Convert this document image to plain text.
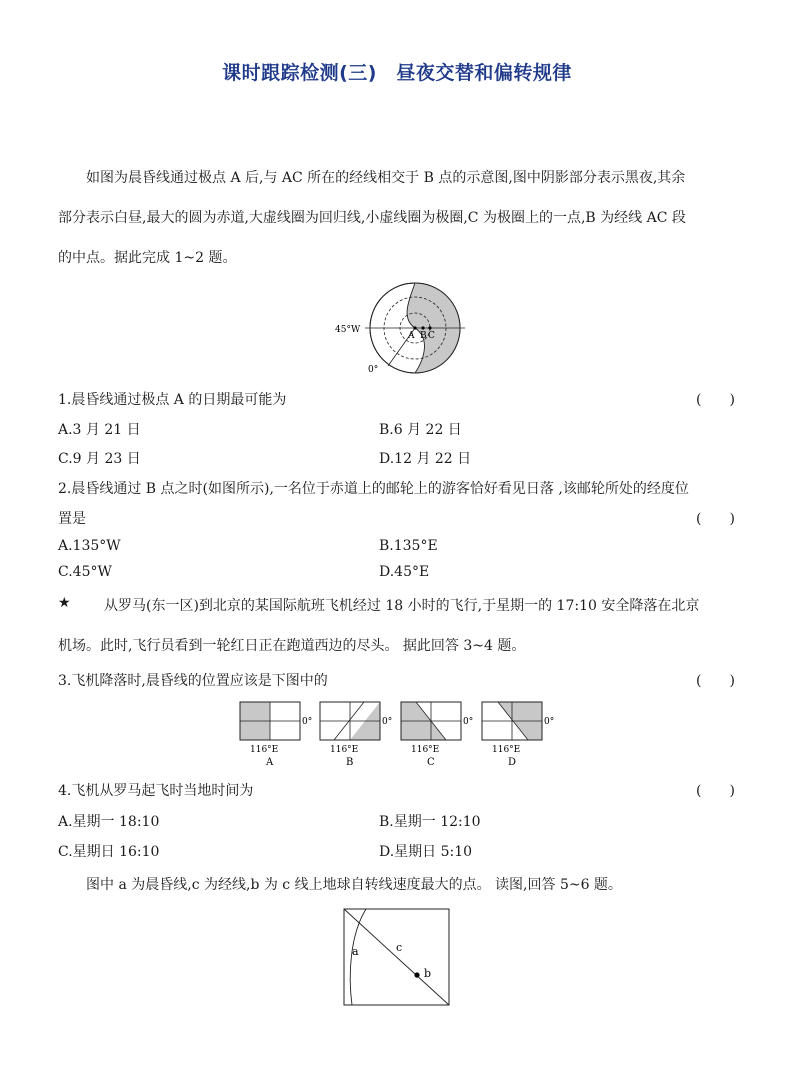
课时跟踪检测(三)　昼夜交替和偏转规律
如图为晨昏线通过极点 A 后,与 AC 所在的经线相交于 B 点的示意图,图中阴影部分表示黑夜,其余
部分表示白昼,最大的圆为赤道,大虚线圈为回归线,小虚线圈为极圈,C 为极圈上的一点,B 为经线 AC 段
的中点。据此完成 1~2 题。
45°W
0°
A B C
1.晨昏线通过极点 A 的日期最可能为	(　　)
A.3 月 21 日	B.6 月 22 日
C.9 月 23 日	D.12 月 22 日
2.晨昏线通过 B 点之时(如图所示),一名位于赤道上的邮轮上的游客恰好看见日落 ,该邮轮所处的经度位
置是	(　　)
A.135°W	B.135°E
C.45°W	D.45°E
★ 从罗马(东一区)到北京的某国际航班飞机经过 18 小时的飞行,于星期一的 17:10 安全降落在北京
机场。此时,飞行员看到一轮红日正在跑道西边的尽头。 据此回答 3~4 题。
3.飞机降落时,晨昏线的位置应该是下图中的	(　　)
0°
116°E
A
0°
116°E
B
0°
116°E
C
0°
116°E
D
4.飞机从罗马起飞时当地时间为	(　　)
A.星期一 18:10	B.星期一 12:10
C.星期日 16:10	D.星期日 5:10
图中 a 为晨昏线,c 为经线,b 为 c 线上地球自转线速度最大的点。 读图,回答 5~6 题。
a	c
b
